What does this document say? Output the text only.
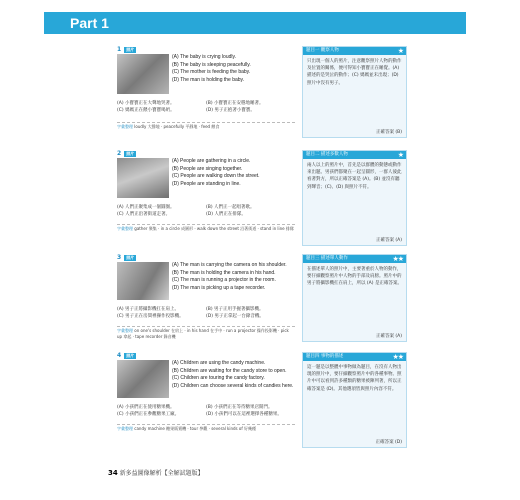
Part 1
1	照片
(A) The baby is crying loudly.
(B) The baby is sleeping peacefully.
(C) The mother is feeding the baby.
(D) The man is holding the baby.
(A) 小寶寶正在大聲地哭著。	(B) 小寶寶正在安穩地睡著。
(C) 媽媽正在餵小寶寶喝奶。	(D) 男子正抱著小寶寶。
字彙整理 loudly 大聲地 · peacefully 平靜地 · feed 餵食
題目一 觀察人物	★
只出現一個人的照片，注意觀察照片人物的動作及位置的關係，便可得知小寶寶正在睡覺。(A) 描述的是哭泣的動作；(C) 媽媽並未出現；(D) 照片中沒有男子。
正確答案 (B)
2	照片
(A) People are gathering in a circle.
(B) People are singing together.
(C) People are walking down the street.
(D) People are standing in line.
(A) 人們正聚集成一個圓圈。	(B) 人們正一起唱著歌。
(C) 人們正沿著街道走著。	(D) 人們正在排隊。
字彙整理 gather 聚集 · in a circle 成圓形 · walk down the street 沿著街道 · stand in line 排隊
題目二 描述多數人物	★
兩人以上的照片中，首先是以群體的動態或動作來出題。男孩們都聚在一起呈圓形，一群人彼此看著對方，所以正確答案是 (A)。(B) 並沒有聽到聲音；(C)、(D) 與照片不符。
正確答案 (A)
3	照片
(A) The man is carrying the camera on his shoulder.
(B) The man is holding the camera in his hand.
(C) The man is running a projector in the room.
(D) The man is picking up a tape recorder.
(A) 男子正將攝影機扛在肩上。	(B) 男子正用手握著攝影機。
(C) 男子正在房間裡操作投影機。	(D) 男子正拿起一台錄音機。
字彙整理 on one's shoulder 在肩上 · in his hand 在手中 · run a projector 操作投影機 · pick up 拿起 · tape recorder 錄音機
題目三 描述單人動作	★★
在描述單人的照片中，主要著重於人物的動作，要仔細觀察照片中人物的手部及肩膀。照片中的男子將攝影機扛在肩上，所以 (A) 是正確答案。
正確答案 (A)
4	照片
(A) Children are using the candy machine.
(B) Children are waiting for the candy store to open.
(C) Children are touring the candy factory.
(D) Children can choose several kinds of candies here.
(A) 小孩們正在使用糖果機。	(B) 小孩們正在等待糖果店開門。
(C) 小孩們正在參觀糖果工廠。	(D) 小孩們可以在這裡選擇各種糖果。
字彙整理 candy machine 糖果販賣機 · tour 參觀 · several kinds of 好幾種
題目四 事物的描述	★★
這一題是以整體中事物做為題目，在沒有人物出現的照片中，要仔細觀察照片中的各種事物。照片中可以看到許多種類的糖果被陳列著，所以正確答案是 (D)。其他選項皆與照片內容不符。
正確答案 (D)
34 新多益圖像解析【全解試題版】
